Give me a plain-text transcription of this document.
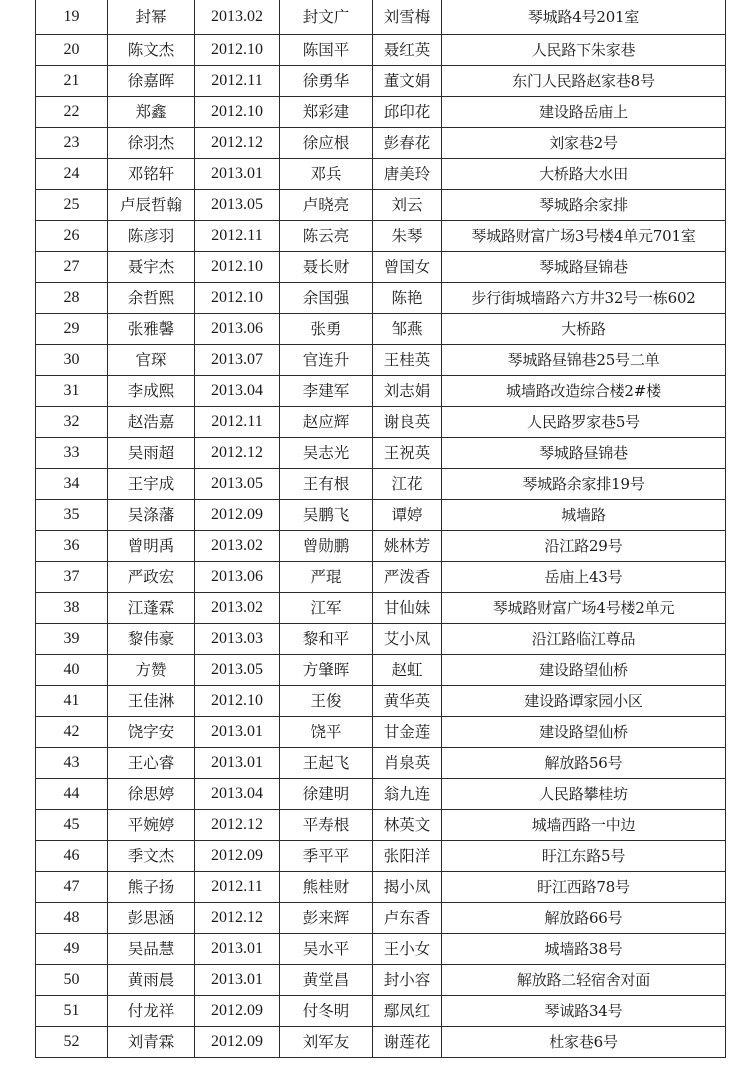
19	封幂	2013.02	封文广	刘雪梅	琴城路4号201室
20	陈文杰	2012.10	陈国平	聂红英	人民路下朱家巷
21	徐嘉晖	2012.11	徐勇华	董文娟	东门人民路赵家巷8号
22	郑鑫	2012.10	郑彩建	邱印花	建设路岳庙上
23	徐羽杰	2012.12	徐应根	彭春花	刘家巷2号
24	邓铭轩	2013.01	邓兵	唐美玲	大桥路大水田
25	卢辰哲翰	2013.05	卢晓亮	刘云	琴城路余家排
26	陈彦羽	2012.11	陈云亮	朱琴	琴城路财富广场3号楼4单元701室
27	聂宇杰	2012.10	聂长财	曾国女	琴城路昼锦巷
28	余哲熙	2012.10	余国强	陈艳	步行街城墙路六方井32号一栋602
29	张雅馨	2013.06	张勇	邹燕	大桥路
30	官琛	2013.07	官连升	王桂英	琴城路昼锦巷25号二单
31	李成熙	2013.04	李建军	刘志娟	城墙路改造综合楼2#楼
32	赵浩嘉	2012.11	赵应辉	谢良英	人民路罗家巷5号
33	吴雨超	2012.12	吴志光	王祝英	琴城路昼锦巷
34	王宇成	2013.05	王有根	江花	琴城路余家排19号
35	吴涤藩	2012.09	吴鹏飞	谭婷	城墙路
36	曾明禹	2013.02	曾勋鹏	姚林芳	沿江路29号
37	严政宏	2013.06	严琨	严泼香	岳庙上43号
38	江蓬霖	2013.02	江军	甘仙妹	琴城路财富广场4号楼2单元
39	黎伟豪	2013.03	黎和平	艾小凤	沿江路临江尊品
40	方赞	2013.05	方肇晖	赵虹	建设路望仙桥
41	王佳淋	2012.10	王俊	黄华英	建设路谭家园小区
42	饶字安	2013.01	饶平	甘金莲	建设路望仙桥
43	王心睿	2013.01	王起飞	肖泉英	解放路56号
44	徐思婷	2013.04	徐建明	翁九连	人民路攀桂坊
45	平婉婷	2012.12	平寿根	林英文	城墙西路一中边
46	季文杰	2012.09	季平平	张阳洋	盱江东路5号
47	熊子扬	2012.11	熊桂财	揭小凤	盱江西路78号
48	彭思涵	2012.12	彭来辉	卢东香	解放路66号
49	吴品慧	2013.01	吴水平	王小女	城墙路38号
50	黄雨晨	2013.01	黄堂昌	封小容	解放路二轻宿舍对面
51	付龙祥	2012.09	付冬明	鄢凤红	琴诚路34号
52	刘青霖	2012.09	刘军友	谢莲花	杜家巷6号
